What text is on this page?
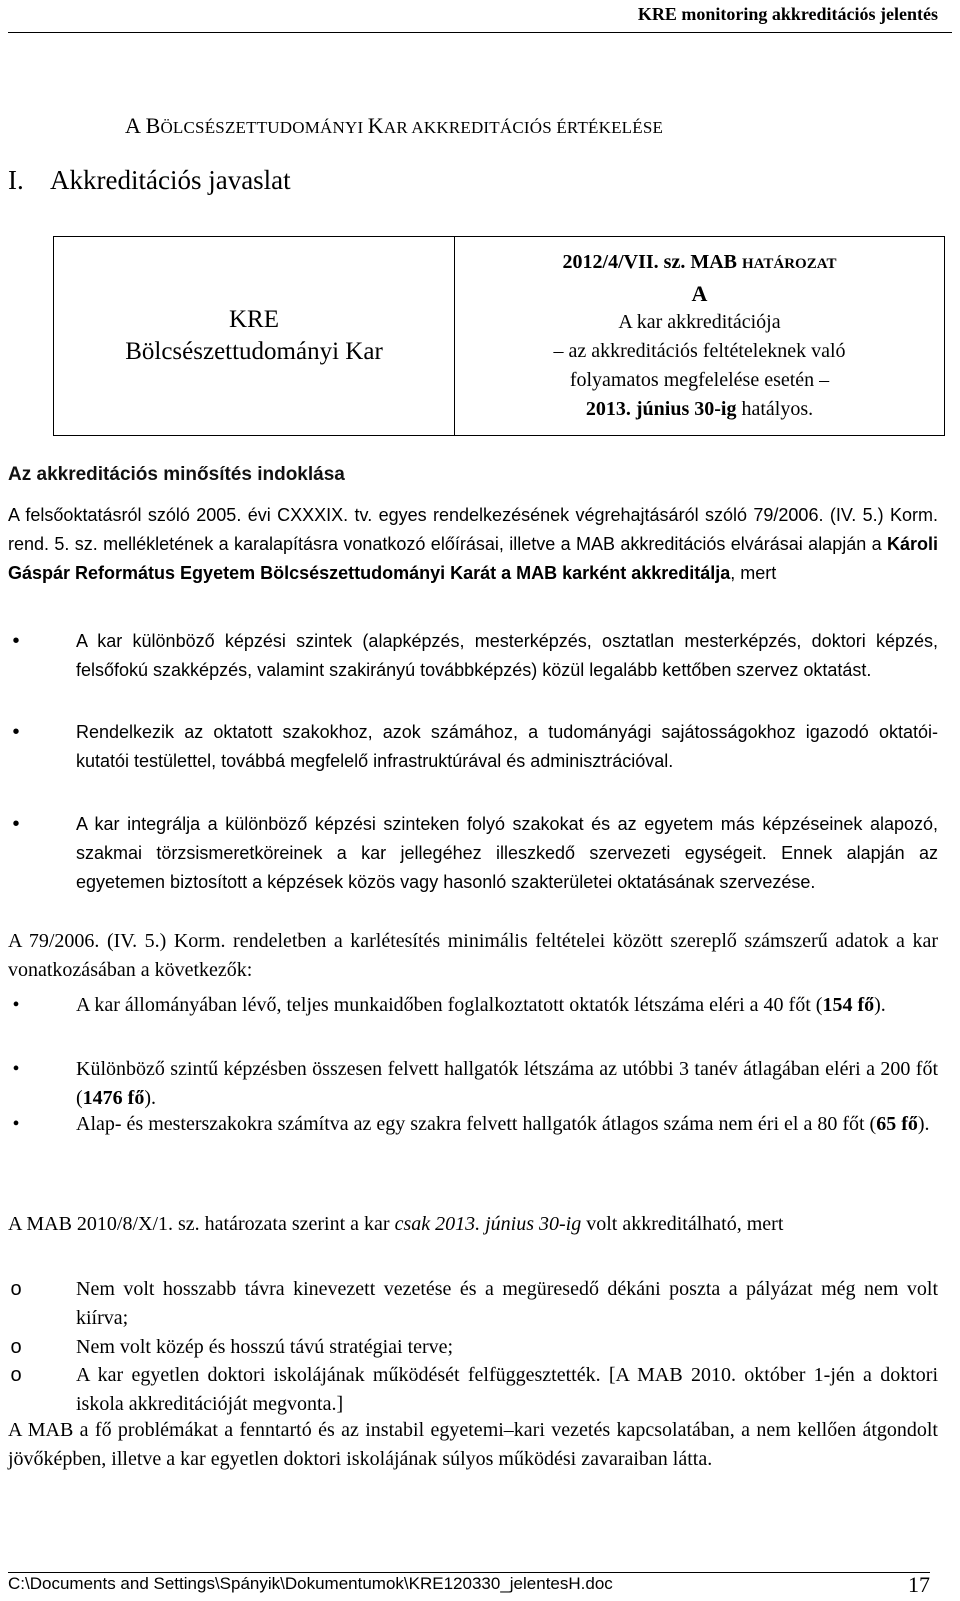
KRE monitoring akkreditációs jelentés
A BÖLCSÉSZETTUDOMÁNYI KAR AKKREDITÁCIÓS ÉRTÉKELÉSE
I. Akkreditációs javaslat
KRE
Bölcsészettudományi Kar

2012/4/VII. sz. MAB HATÁROZAT
A
A kar akkreditációja
– az akkreditációs feltételeknek való
folyamatos megfelelése esetén –
2013. június 30-ig hatályos.
Az akkreditációs minősítés indoklása
A felsőoktatásról szóló 2005. évi CXXXIX. tv. egyes rendelkezésének végrehajtásáról szóló 79/2006. (IV. 5.) Korm. rend. 5. sz. mellékletének a karalapításra vonatkozó előírásai, illetve a MAB akkreditációs elvárásai alapján a Károli Gáspár Református Egyetem Bölcsészettudományi Karát a MAB karként akkreditálja, mert
•	A kar különböző képzési szintek (alapképzés, mesterképzés, osztatlan mesterképzés, doktori képzés, felsőfokú szakképzés, valamint szakirányú továbbképzés) közül legalább kettőben szervez oktatást.
•	Rendelkezik az oktatott szakokhoz, azok számához, a tudományági sajátosságokhoz igazodó oktatói-kutatói testülettel, továbbá megfelelő infrastruktúrával és adminisztrációval.
•	A kar integrálja a különböző képzési szinteken folyó szakokat és az egyetem más képzéseinek alapozó, szakmai törzsismeretköreinek a kar jellegéhez illeszkedő szervezeti egységeit. Ennek alapján az egyetemen biztosított a képzések közös vagy hasonló szakterületei oktatásának szervezése.
A 79/2006. (IV. 5.) Korm. rendeletben a karlétesítés minimális feltételei között szereplő számszerű adatok a kar vonatkozásában a következők:
•	A kar állományában lévő, teljes munkaidőben foglalkoztatott oktatók létszáma eléri a 40 főt (154 fő).
•	Különböző szintű képzésben összesen felvett hallgatók létszáma az utóbbi 3 tanév átlagában eléri a 200 főt (1476 fő).
•	Alap- és mesterszakokra számítva az egy szakra felvett hallgatók átlagos száma nem éri el a 80 főt (65 fő).
A MAB 2010/8/X/1. sz. határozata szerint a kar csak 2013. június 30-ig volt akkreditálható, mert
o	Nem volt hosszabb távra kinevezett vezetése és a megüresedő dékáni poszta a pályázat még nem volt kiírva;
o	Nem volt közép és hosszú távú stratégiai terve;
o	A kar egyetlen doktori iskolájának működését felfüggesztették. [A MAB 2010. október 1-jén a doktori iskola akkreditációját megvonta.]
A MAB a fő problémákat a fenntartó és az instabil egyetemi–kari vezetés kapcsolatában, a nem kellően átgondolt jövőképben, illetve a kar egyetlen doktori iskolájának súlyos működési zavaraiban látta.
C:\Documents and Settings\Spányik\Dokumentumok\KRE120330_jelentesH.doc	17
